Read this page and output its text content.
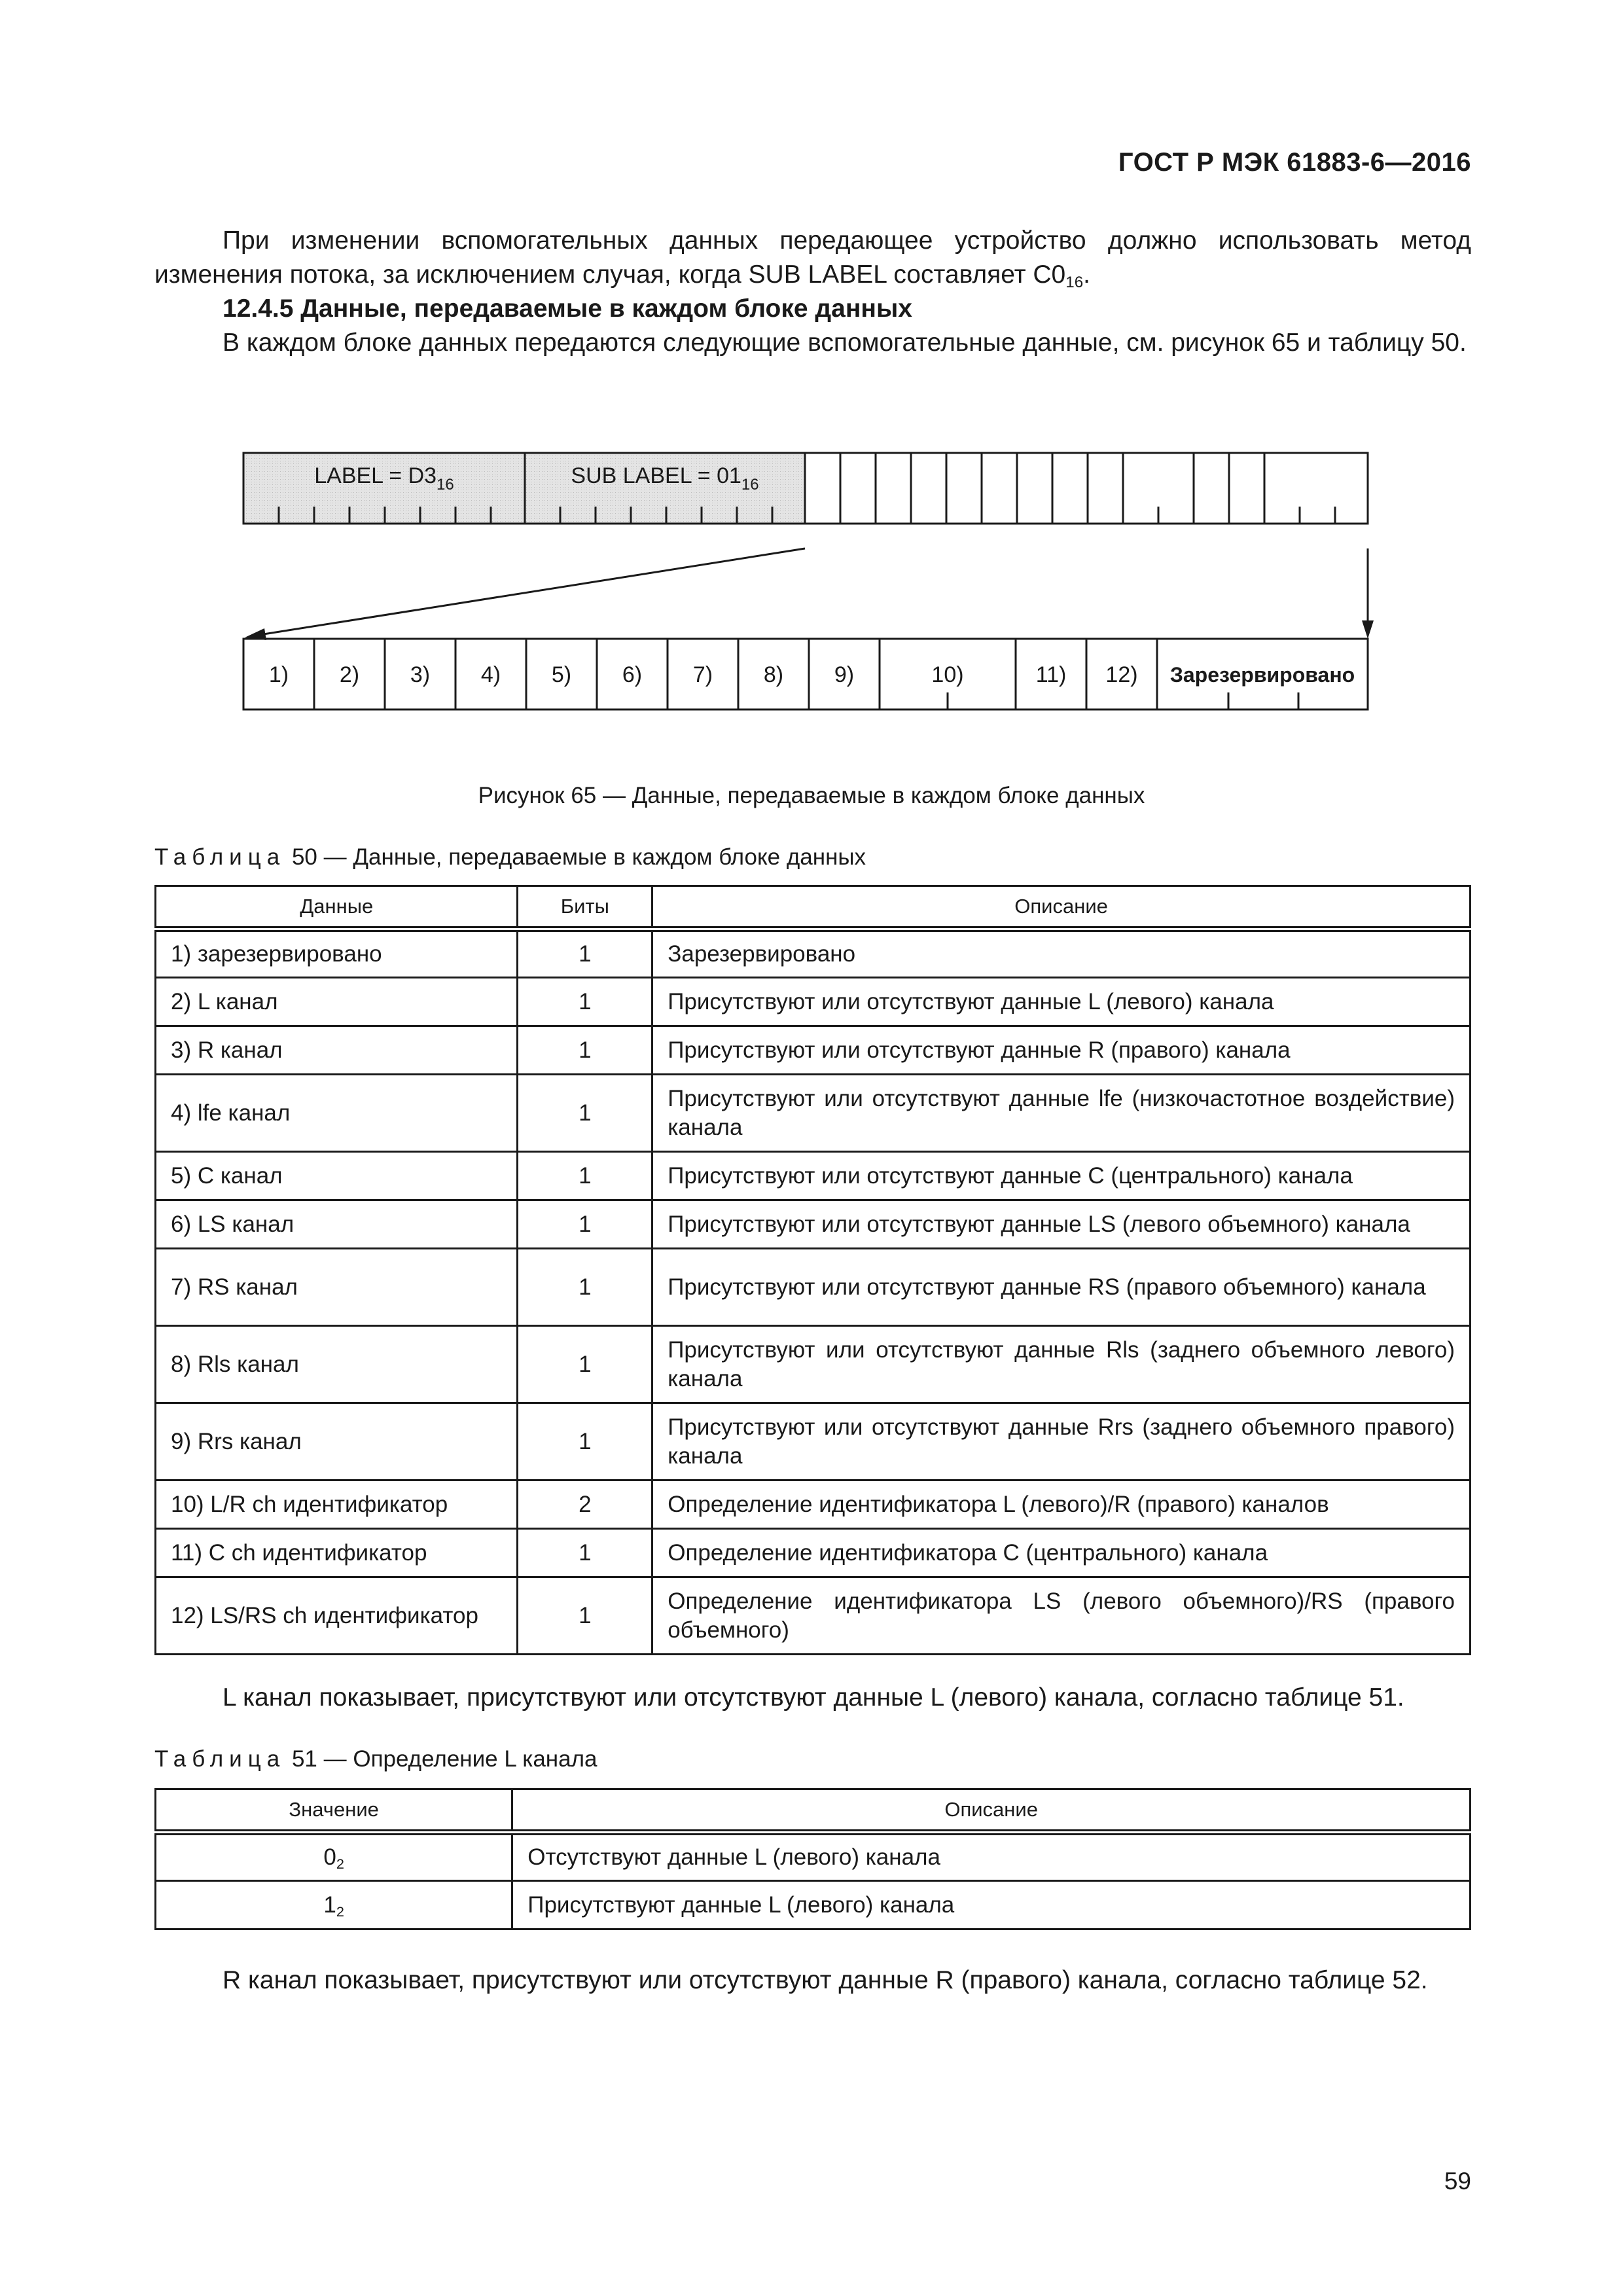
ГОСТ Р МЭК 61883-6—2016
При изменении вспомогательных данных передающее устройство должно использовать метод изменения потока, за исключением случая, когда SUB LABEL составляет $C0_{16}$.
12.4.5 Данные, передаваемые в каждом блоке данных
В каждом блоке данных передаются следующие вспомогательные данные, см. рисунок 65 и таблицу 50.
LABEL = $D3_{16}$	SUB LABEL = $01_{16}$
1) 2) 3) 4) 5) 6) 7) 8) 9)	10)	11) 12) Зарезервировано
Рисунок 65 — Данные, передаваемые в каждом блоке данных
Таблица 50 — Данные, передаваемые в каждом блоке данных
Данные	Биты	Описание
1) зарезервировано	1	Зарезервировано
2) L канал	1	Присутствуют или отсутствуют данные L (левого) канала
3) R канал	1	Присутствуют или отсутствуют данные R (правого) канала
4) lfe канал	1	Присутствуют или отсутствуют данные lfe (низкочастотное воздействие) канала
5) C канал	1	Присутствуют или отсутствуют данные C (центрального) канала
6) LS канал	1	Присутствуют или отсутствуют данные LS (левого объемного) канала
7) RS канал	1	Присутствуют или отсутствуют данные RS (правого объемного) канала
8) Rls канал	1	Присутствуют или отсутствуют данные Rls (заднего объемного левого) канала
9) Rrs канал	1	Присутствуют или отсутствуют данные Rrs (заднего объемного правого) канала
10) L/R ch идентификатор	2	Определение идентификатора L (левого)/R (правого) каналов
11) C ch идентификатор	1	Определение идентификатора C (центрального) канала
12) LS/RS ch идентификатор	1	Определение идентификатора LS (левого объемного)/RS (правого объемного)
L канал показывает, присутствуют или отсутствуют данные L (левого) канала, согласно таблице 51.
Таблица 51 — Определение L канала
Значение	Описание
$0_2$	Отсутствуют данные L (левого) канала
$1_2$	Присутствуют данные L (левого) канала
R канал показывает, присутствуют или отсутствуют данные R (правого) канала, согласно таблице 52.
59
